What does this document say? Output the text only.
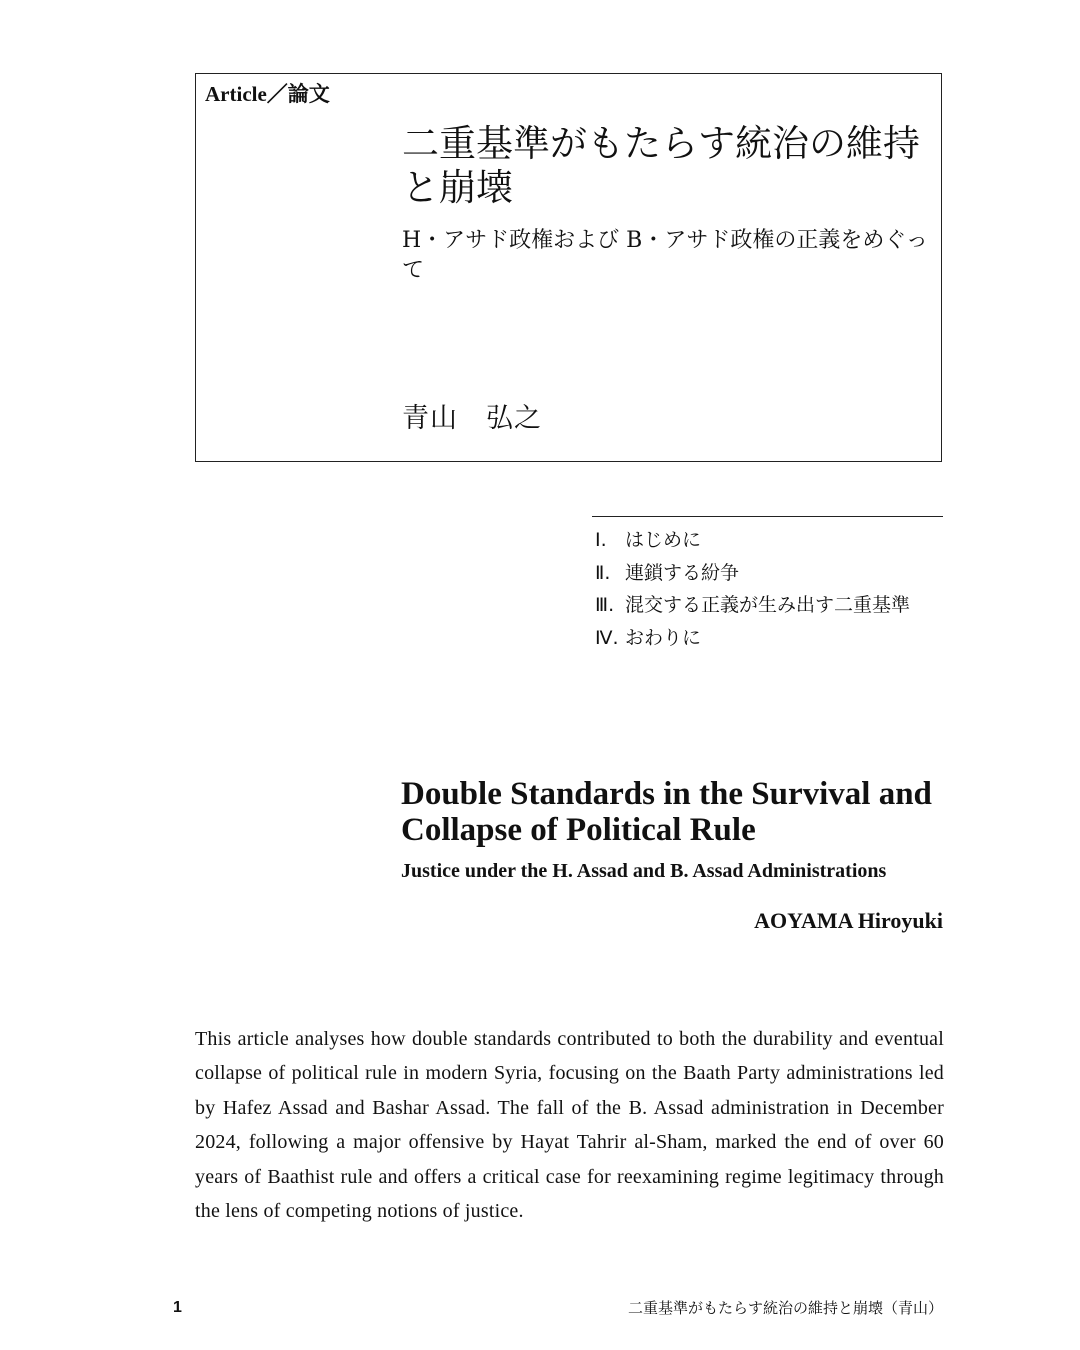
Article／論文
二重基準がもたらす統治の維持と崩壊
H・アサド政権および B・アサド政権の正義をめぐって
青山　弘之
Ⅰ. はじめに
Ⅱ. 連鎖する紛争
Ⅲ. 混交する正義が生み出す二重基準
Ⅳ. おわりに
Double Standards in the Survival and Collapse of Political Rule
Justice under the H. Assad and B. Assad Administrations
AOYAMA Hiroyuki

This article analyses how double standards contributed to both the durability and eventual collapse of political rule in modern Syria, focusing on the Baath Party administrations led by Hafez Assad and Bashar Assad. The fall of the B. Assad administration in December 2024, following a major offensive by Hayat Tahrir al-Sham, marked the end of over 60 years of Baathist rule and offers a critical case for reexamining regime legitimacy through the lens of competing notions of justice.

1	二重基準がもたらす統治の維持と崩壊（青山）
